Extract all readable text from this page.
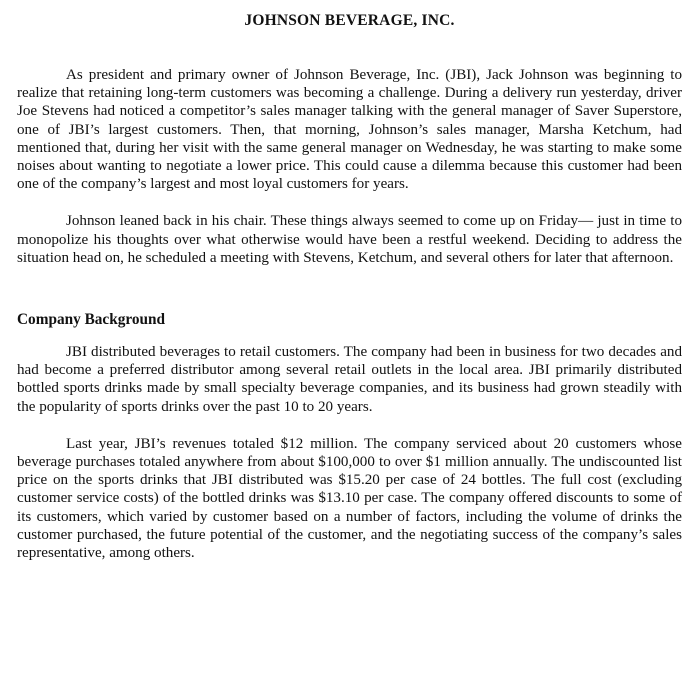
JOHNSON BEVERAGE, INC.

As president and primary owner of Johnson Beverage, Inc. (JBI), Jack Johnson was beginning to realize that retaining long-term customers was becoming a challenge. During a delivery run yesterday, driver Joe Stevens had noticed a competitor’s sales manager talking with the general manager of Saver Superstore, one of JBI’s largest customers. Then, that morning, Johnson’s sales manager, Marsha Ketchum, had mentioned that, during her visit with the same general manager on Wednesday, he was starting to make some noises about wanting to negotiate a lower price. This could cause a dilemma because this customer had been one of the company’s largest and most loyal customers for years.

Johnson leaned back in his chair. These things always seemed to come up on Friday— just in time to monopolize his thoughts over what otherwise would have been a restful weekend. Deciding to address the situation head on, he scheduled a meeting with Stevens, Ketchum, and several others for later that afternoon.

Company Background

JBI distributed beverages to retail customers. The company had been in business for two decades and had become a preferred distributor among several retail outlets in the local area. JBI primarily distributed bottled sports drinks made by small specialty beverage companies, and its business had grown steadily with the popularity of sports drinks over the past 10 to 20 years.

Last year, JBI’s revenues totaled $12 million. The company serviced about 20 customers whose beverage purchases totaled anywhere from about $100,000 to over $1 million annually. The undiscounted list price on the sports drinks that JBI distributed was $15.20 per case of 24 bottles. The full cost (excluding customer service costs) of the bottled drinks was $13.10 per case. The company offered discounts to some of its customers, which varied by customer based on a number of factors, including the volume of drinks the customer purchased, the future potential of the customer, and the negotiating success of the company’s sales representative, among others.
